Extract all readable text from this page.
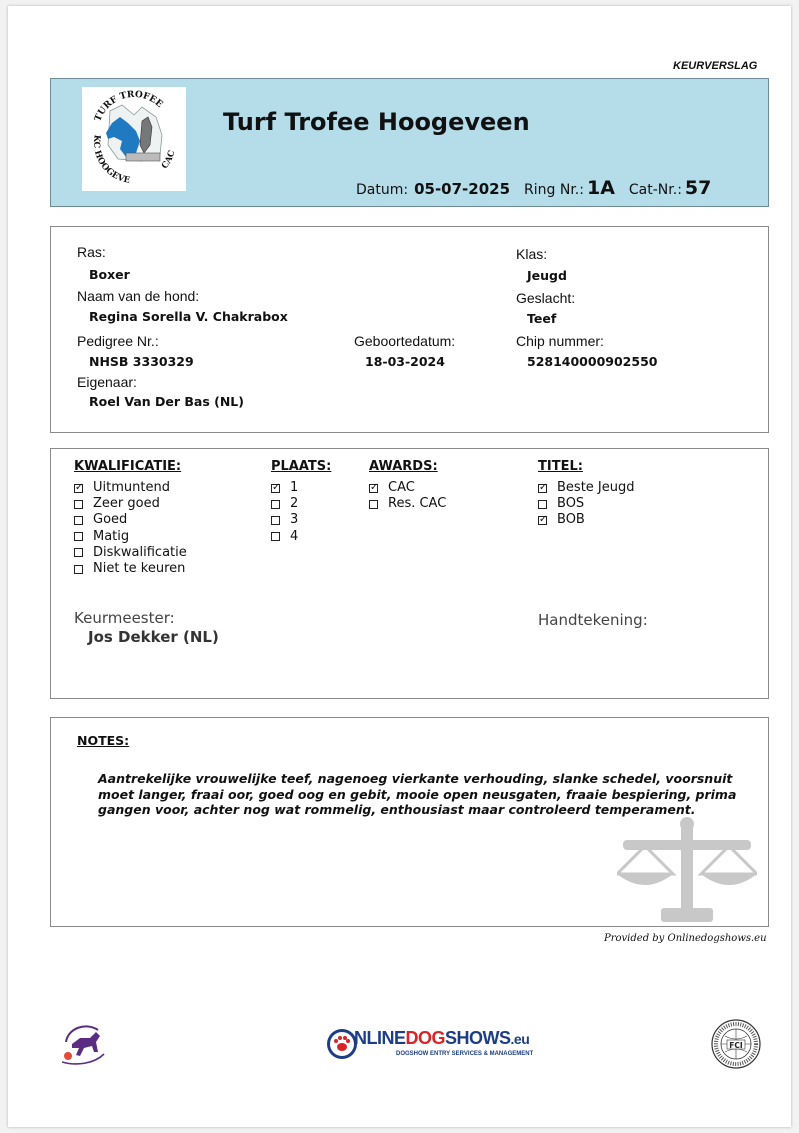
KEURVERSLAG
TURF TROFEE
KC HOOGEVE
CAC
Turf Trofee Hoogeveen
Datum: 05-07-2025 Ring Nr.: 1A Cat-Nr.: 57
Ras:
Boxer
Naam van de hond:
Regina Sorella V. Chakrabox
Pedigree Nr.:
NHSB 3330329
Geboortedatum:
18-03-2024
Eigenaar:
Roel Van Der Bas (NL)
Klas:
Jeugd
Geslacht:
Teef
Chip nummer:
528140000902550
KWALIFICATIE:
✓
Uitmuntend
Zeer goed
Goed
Matig
Diskwalificatie
Niet te keuren
PLAATS:
✓
1
2
3
4
AWARDS:
✓
CAC
Res. CAC
TITEL:
✓
Beste Jeugd
BOS
✓
BOB
Keurmeester:
Jos Dekker (NL)
Handtekening:
NOTES:
Aantrekelijke vrouwelijke teef, nagenoeg vierkante verhouding, slanke schedel, voorsnuit moet langer, fraai oor, goed oog en gebit, mooie open neusgaten, fraaie bespiering, prima gangen voor, achter nog wat rommelig, enthousiast maar controleerd temperament.
Provided by Onlinedogshows.eu
NLINEDOGSHOWS.eu
DOGSHOW ENTRY SERVICES & MANAGEMENT
FCI
